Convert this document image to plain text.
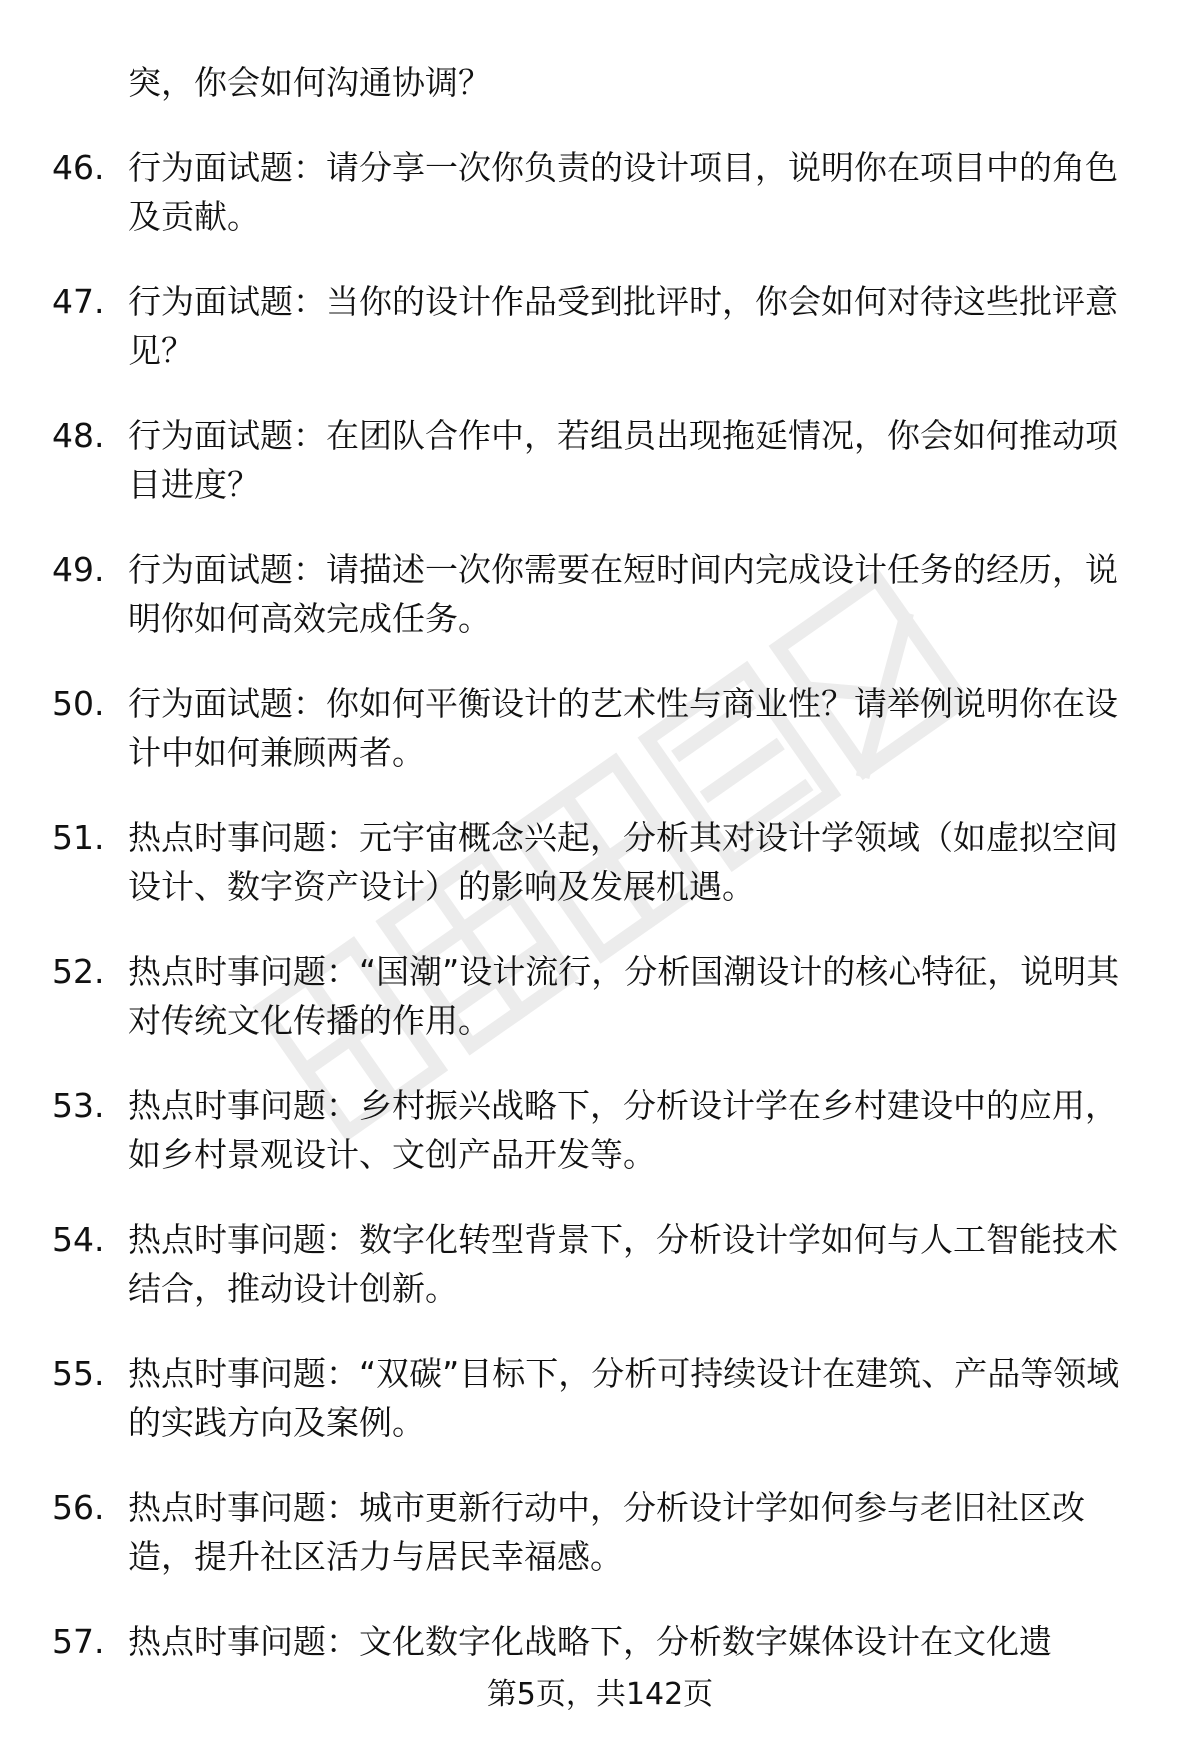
突，你会如何沟通协调？
46. 行为面试题：请分享一次你负责的设计项目，说明你在项目中的角色及贡献。
47. 行为面试题：当你的设计作品受到批评时，你会如何对待这些批评意见？
48. 行为面试题：在团队合作中，若组员出现拖延情况，你会如何推动项目进度？
49. 行为面试题：请描述一次你需要在短时间内完成设计任务的经历，说明你如何高效完成任务。
50. 行为面试题：你如何平衡设计的艺术性与商业性？请举例说明你在设计中如何兼顾两者。
51. 热点时事问题：元宇宙概念兴起，分析其对设计学领域（如虚拟空间设计、数字资产设计）的影响及发展机遇。
52. 热点时事问题：“国潮”设计流行，分析国潮设计的核心特征，说明其对传统文化传播的作用。
53. 热点时事问题：乡村振兴战略下，分析设计学在乡村建设中的应用，如乡村景观设计、文创产品开发等。
54. 热点时事问题：数字化转型背景下，分析设计学如何与人工智能技术结合，推动设计创新。
55. 热点时事问题：“双碳”目标下，分析可持续设计在建筑、产品等领域的实践方向及案例。
56. 热点时事问题：城市更新行动中，分析设计学如何参与老旧社区改造，提升社区活力与居民幸福感。
57. 热点时事问题：文化数字化战略下，分析数字媒体设计在文化遗
第5页，共142页
